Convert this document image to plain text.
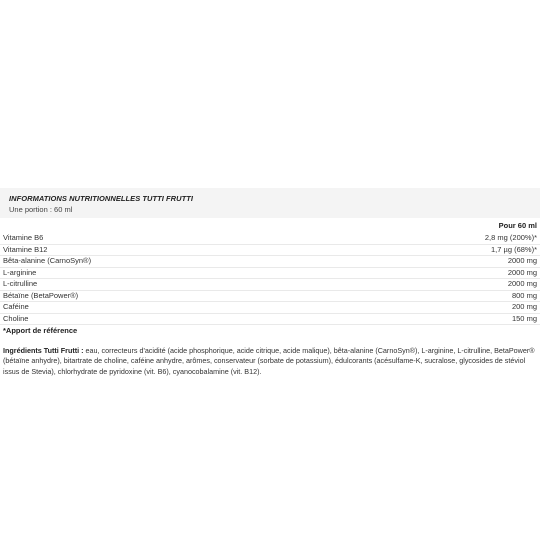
INFORMATIONS NUTRITIONNELLES TUTTI FRUTTI
Une portion : 60 ml
	Pour 60 ml
Vitamine B6	2,8 mg (200%)*
Vitamine B12	1,7 µg (68%)*
Bêta-alanine (CarnoSyn®)	2000 mg
L-arginine	2000 mg
L-citrulline	2000 mg
Bétaïne (BetaPower®)	800 mg
Caféine	200 mg
Choline	150 mg
*Apport de référence	
Ingrédients Tutti Frutti : eau, correcteurs d'acidité (acide phosphorique, acide citrique, acide malique), bêta-alanine (CarnoSyn®), L-arginine, L-citrulline, BetaPower® (bétaïne anhydre), bitartrate de choline, caféine anhydre, arômes, conservateur (sorbate de potassium), édulcorants (acésulfame-K, sucralose, glycosides de stéviol issus de Stevia), chlorhydrate de pyridoxine (vit. B6), cyanocobalamine (vit. B12).
